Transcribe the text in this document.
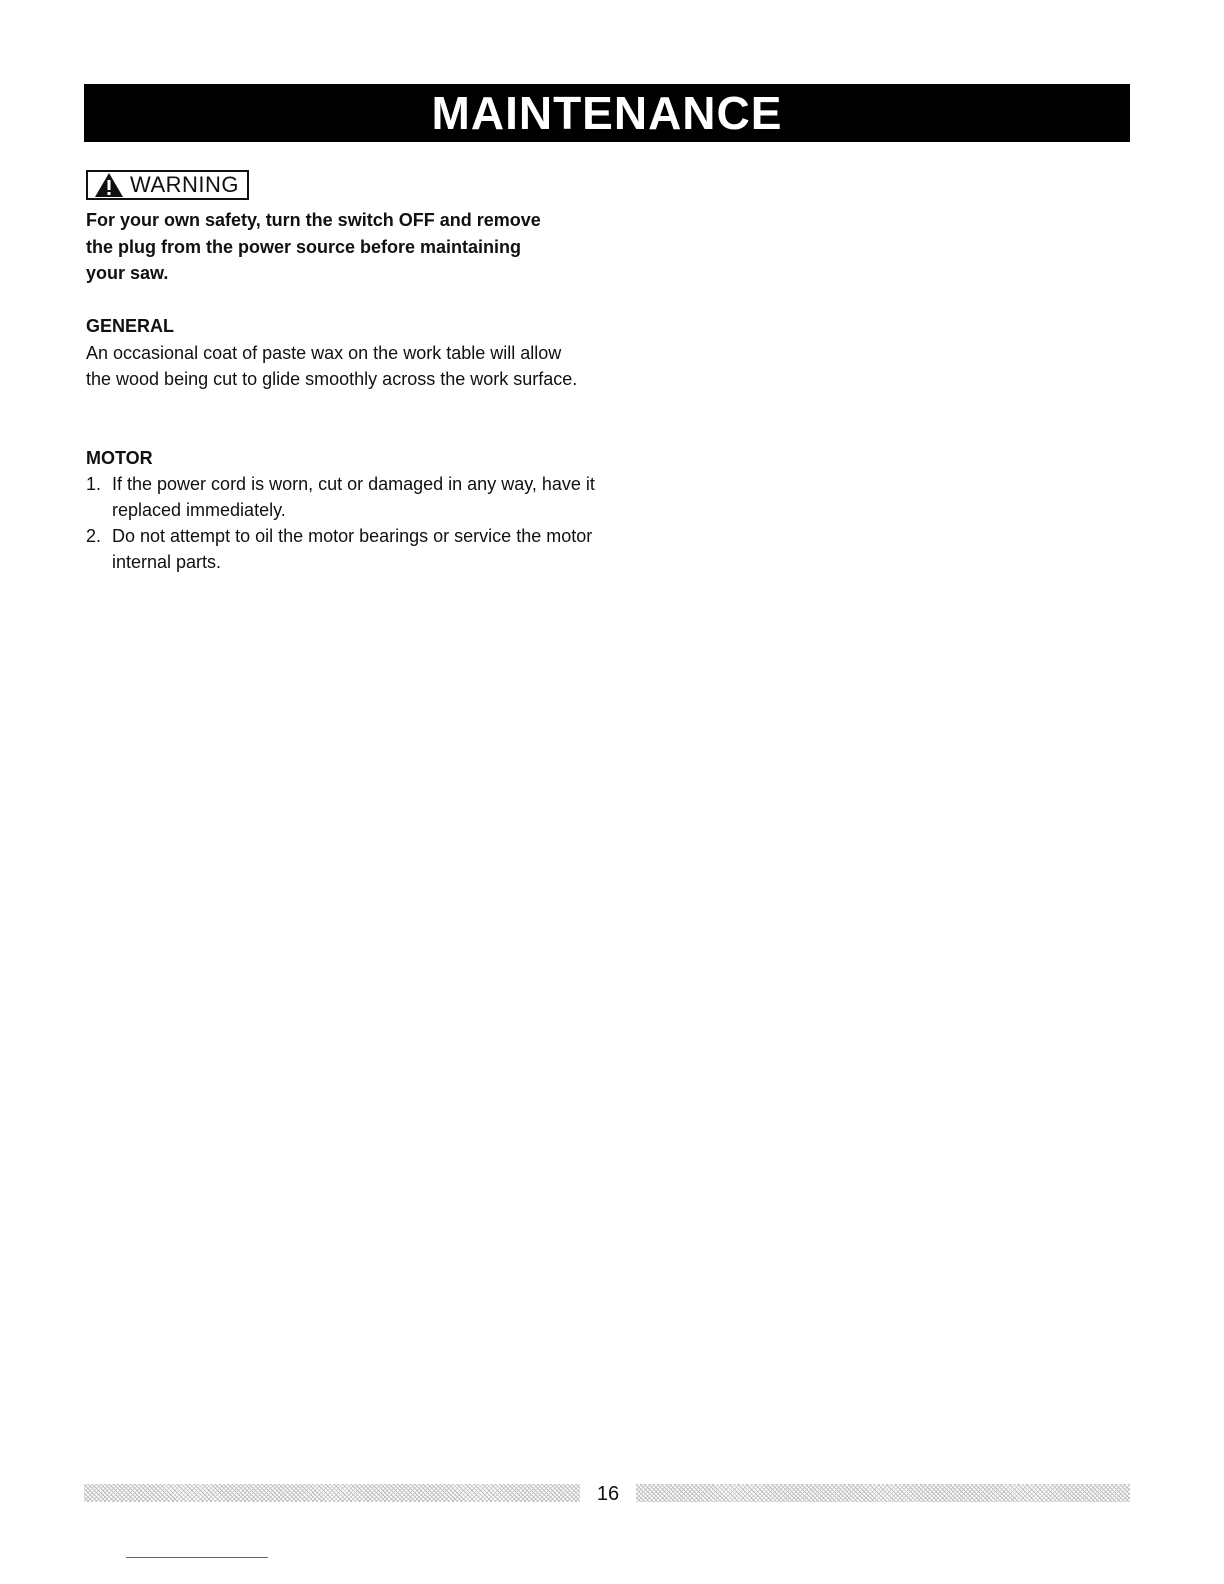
MAINTENANCE
WARNING
For your own safety, turn the switch OFF and remove the plug from the power source before maintaining your saw.
GENERAL
An occasional coat of paste wax on the work table will allow the wood being cut to glide smoothly across the work surface.
MOTOR
1. If the power cord is worn, cut or damaged in any way, have it replaced immediately.
2. Do not attempt to oil the motor bearings or service the motor internal parts.
16
